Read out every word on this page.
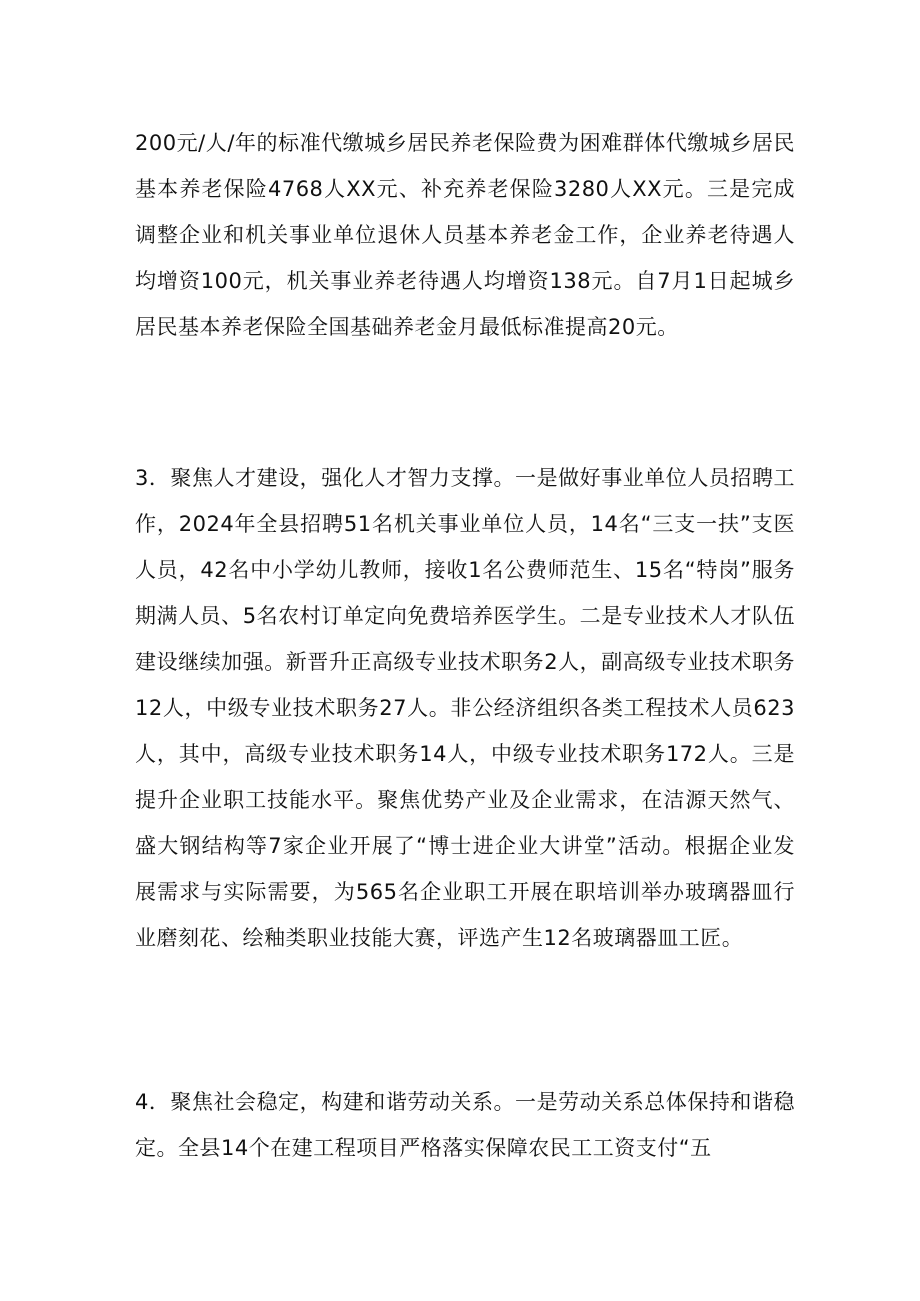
200元/人/年的标准代缴城乡居民养老保险费为困难群体代缴城乡居民基本养老保险4768人XX元、补充养老保险3280人XX元。三是完成调整企业和机关事业单位退休人员基本养老金工作，企业养老待遇人均增资100元，机关事业养老待遇人均增资138元。自7月1日起城乡居民基本养老保险全国基础养老金月最低标准提高20元。

3．聚焦人才建设，强化人才智力支撑。一是做好事业单位人员招聘工作，2024年全县招聘51名机关事业单位人员，14名“三支一扶”支医人员，42名中小学幼儿教师，接收1名公费师范生、15名“特岗”服务期满人员、5名农村订单定向免费培养医学生。二是专业技术人才队伍建设继续加强。新晋升正高级专业技术职务2人，副高级专业技术职务12人，中级专业技术职务27人。非公经济组织各类工程技术人员623人，其中，高级专业技术职务14人，中级专业技术职务172人。三是提升企业职工技能水平。聚焦优势产业及企业需求，在洁源天然气、盛大钢结构等7家企业开展了“博士进企业大讲堂”活动。根据企业发展需求与实际需要，为565名企业职工开展在职培训举办玻璃器皿行业磨刻花、绘釉类职业技能大赛，评选产生12名玻璃器皿工匠。

4．聚焦社会稳定，构建和谐劳动关系。一是劳动关系总体保持和谐稳定。全县14个在建工程项目严格落实保障农民工工资支付“五
